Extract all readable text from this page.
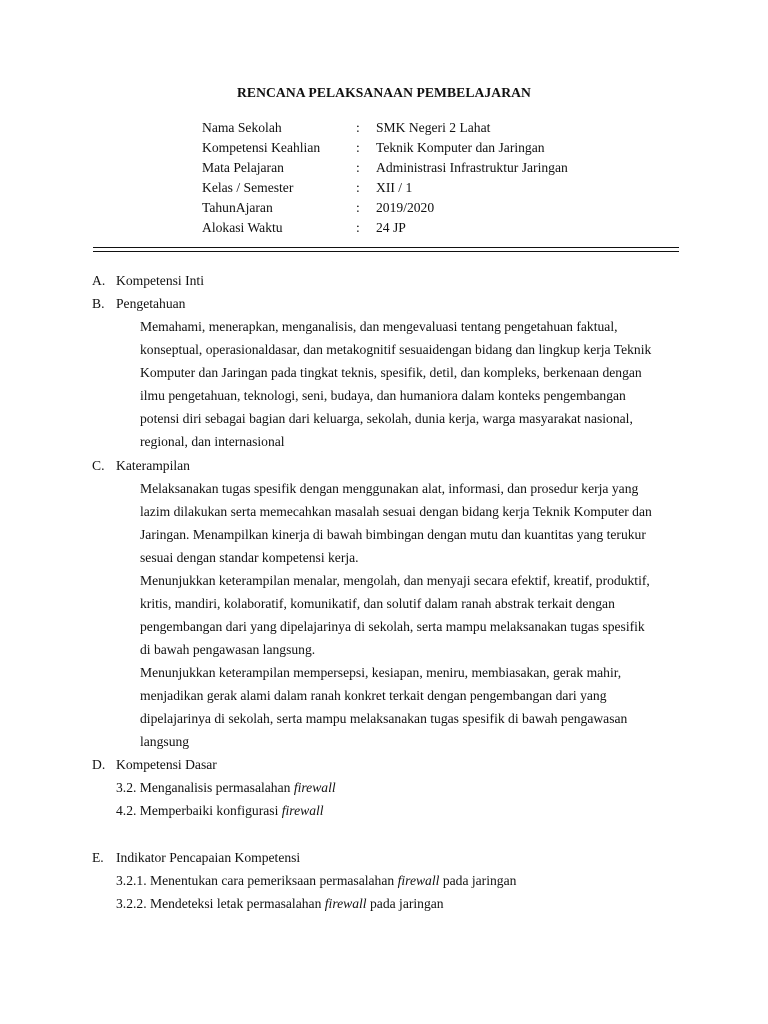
RENCANA PELAKSANAAN PEMBELAJARAN
Nama Sekolah	: SMK Negeri 2 Lahat
Kompetensi Keahlian	: Teknik Komputer dan Jaringan
Mata Pelajaran	: Administrasi Infrastruktur Jaringan
Kelas / Semester	: XII / 1
TahunAjaran	: 2019/2020
Alokasi Waktu	: 24 JP
A. Kompetensi Inti
B. Pengetahuan
Memahami, menerapkan, menganalisis, dan mengevaluasi tentang pengetahuan faktual,
konseptual, operasionaldasar, dan metakognitif sesuaidengan bidang dan lingkup kerja Teknik
Komputer dan Jaringan pada tingkat teknis, spesifik, detil, dan kompleks, berkenaan dengan
ilmu pengetahuan, teknologi, seni, budaya, dan humaniora dalam konteks pengembangan
potensi diri sebagai bagian dari keluarga, sekolah, dunia kerja, warga masyarakat nasional,
regional, dan internasional
C. Katerampilan
Melaksanakan tugas spesifik dengan menggunakan alat, informasi, dan prosedur kerja yang
lazim dilakukan serta memecahkan masalah sesuai dengan bidang kerja Teknik Komputer dan
Jaringan. Menampilkan kinerja di bawah bimbingan dengan mutu dan kuantitas yang terukur
sesuai dengan standar kompetensi kerja.
Menunjukkan keterampilan menalar, mengolah, dan menyaji secara efektif, kreatif, produktif,
kritis, mandiri, kolaboratif, komunikatif, dan solutif dalam ranah abstrak terkait dengan
pengembangan dari yang dipelajarinya di sekolah, serta mampu melaksanakan tugas spesifik
di bawah pengawasan langsung.
Menunjukkan keterampilan mempersepsi, kesiapan, meniru, membiasakan, gerak mahir,
menjadikan gerak alami dalam ranah konkret terkait dengan pengembangan dari yang
dipelajarinya di sekolah, serta mampu melaksanakan tugas spesifik di bawah pengawasan
langsung
D. Kompetensi Dasar
3.2. Menganalisis permasalahan firewall
4.2. Memperbaiki konfigurasi firewall
E. Indikator Pencapaian Kompetensi
3.2.1. Menentukan cara pemeriksaan permasalahan firewall pada jaringan
3.2.2. Mendeteksi letak permasalahan firewall pada jaringan
